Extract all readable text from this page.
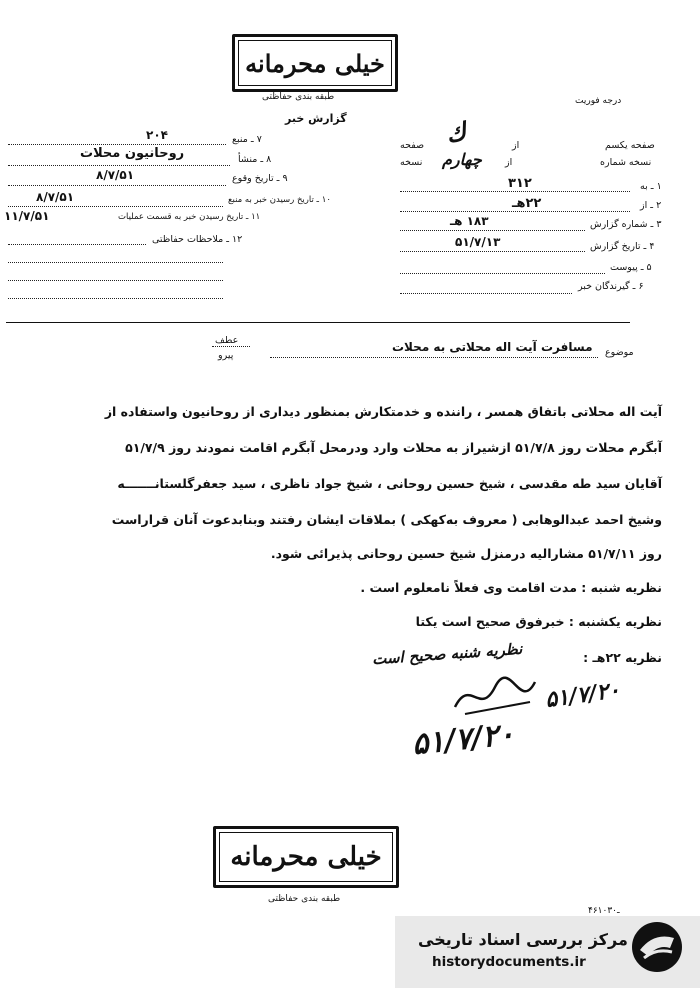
خیلی محرمانه
طبقه بندی حفاظتی	درجه فوریت
گزارش خبر
صفحه یکسم
از
صفحه ك
نسخه شماره
از
نسخه چهارم
۱ ـ به
۳۱۲
۲ ـ از
۲۲هـ
۳ ـ شماره گزارش
۱۸۳ هـ
۴ ـ تاریخ گزارش
۵۱/۷/۱۳
۵ ـ پیوست
۶ ـ گیرندگان خبر
۷ ـ منبع
۲۰۴
۸ ـ منشأ
روحانیون محلات
۹ ـ تاریخ وقوع
۸/۷/۵۱
۱۰ ـ تاریخ رسیدن خبر به منبع
۸/۷/۵۱
۱۱ ـ تاریخ رسیدن خبر به قسمت عملیات
۱۱/۷/۵۱
۱۲ ـ ملاحظات حفاظتی
عطف
پیرو	موضوع
مسافرت آیت اله محلاتی به محلات
آیت اله محلاتی باتفاق همسر ، راننده و خدمتکارش بمنظور دیداری از روحانیون واستفاده از
آبگرم محلات روز ۵۱/۷/۸ ازشیراز به محلات وارد ودرمحل آبگرم اقامت نمودند روز ۵۱/۷/۹
آقایان سید طه مقدسی ، شیخ حسین روحانی ، شیخ جواد ناظری ، سید جعفرگلستانـــــــه
وشیخ احمد عبدالوهابی ( معروف به‌کهکی ) بملاقات ایشان رفتند وبنابدعوت آنان قراراست
روز ۵۱/۷/۱۱ مشارالیه درمنزل شیخ حسین روحانی پذیرائی شود.
نظریه شنبه : مدت اقامت وی فعلاً نامعلوم است .
نظریه یکشنبه : خبرفوق صحیح است یکتا
نظریه ۲۲هـ :
نظریه شنبه صحیح است
۵۱/۷/۲۰
۵۱/۷/۲۰
خیلی محرمانه
طبقه بندی حفاظتی
۴۶ـ۱۰۳۰
مرکز بررسی اسناد تاریخی
historydocuments.ir
